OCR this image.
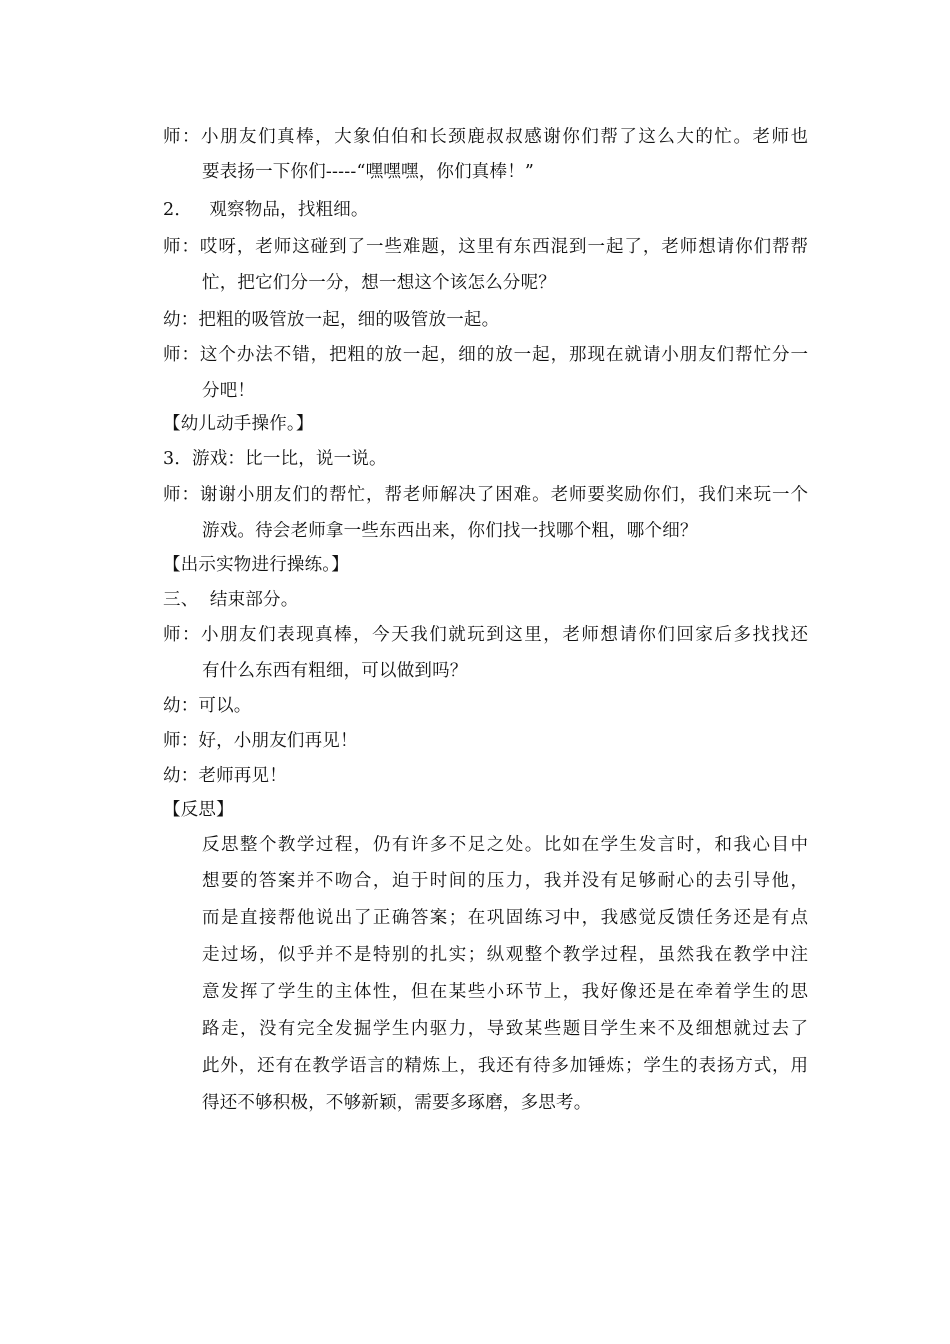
师：小朋友们真棒，大象伯伯和长颈鹿叔叔感谢你们帮了这么大的忙。老师也
要表扬一下你们-----“嘿嘿嘿，你们真棒！”
2．   观察物品，找粗细。
师：哎呀，老师这碰到了一些难题，这里有东西混到一起了，老师想请你们帮帮
忙，把它们分一分，想一想这个该怎么分呢？
幼：把粗的吸管放一起，细的吸管放一起。
师：这个办法不错，把粗的放一起，细的放一起，那现在就请小朋友们帮忙分一
分吧！
【幼儿动手操作。】
3．游戏：比一比，说一说。
师：谢谢小朋友们的帮忙，帮老师解决了困难。老师要奖励你们，我们来玩一个
游戏。待会老师拿一些东西出来，你们找一找哪个粗，哪个细？
【出示实物进行操练。】
三、  结束部分。
师：小朋友们表现真棒，今天我们就玩到这里，老师想请你们回家后多找找还
有什么东西有粗细，可以做到吗？
幼：可以。
师：好，小朋友们再见！
幼：老师再见！
【反思】
反思整个教学过程，仍有许多不足之处。比如在学生发言时，和我心目中
想要的答案并不吻合，迫于时间的压力，我并没有足够耐心的去引导他，
而是直接帮他说出了正确答案；在巩固练习中，我感觉反馈任务还是有点
走过场，似乎并不是特别的扎实；纵观整个教学过程，虽然我在教学中注
意发挥了学生的主体性，但在某些小环节上，我好像还是在牵着学生的思
路走，没有完全发掘学生内驱力，导致某些题目学生来不及细想就过去了
此外，还有在教学语言的精炼上，我还有待多加锤炼；学生的表扬方式，用
得还不够积极，不够新颖，需要多琢磨，多思考。
